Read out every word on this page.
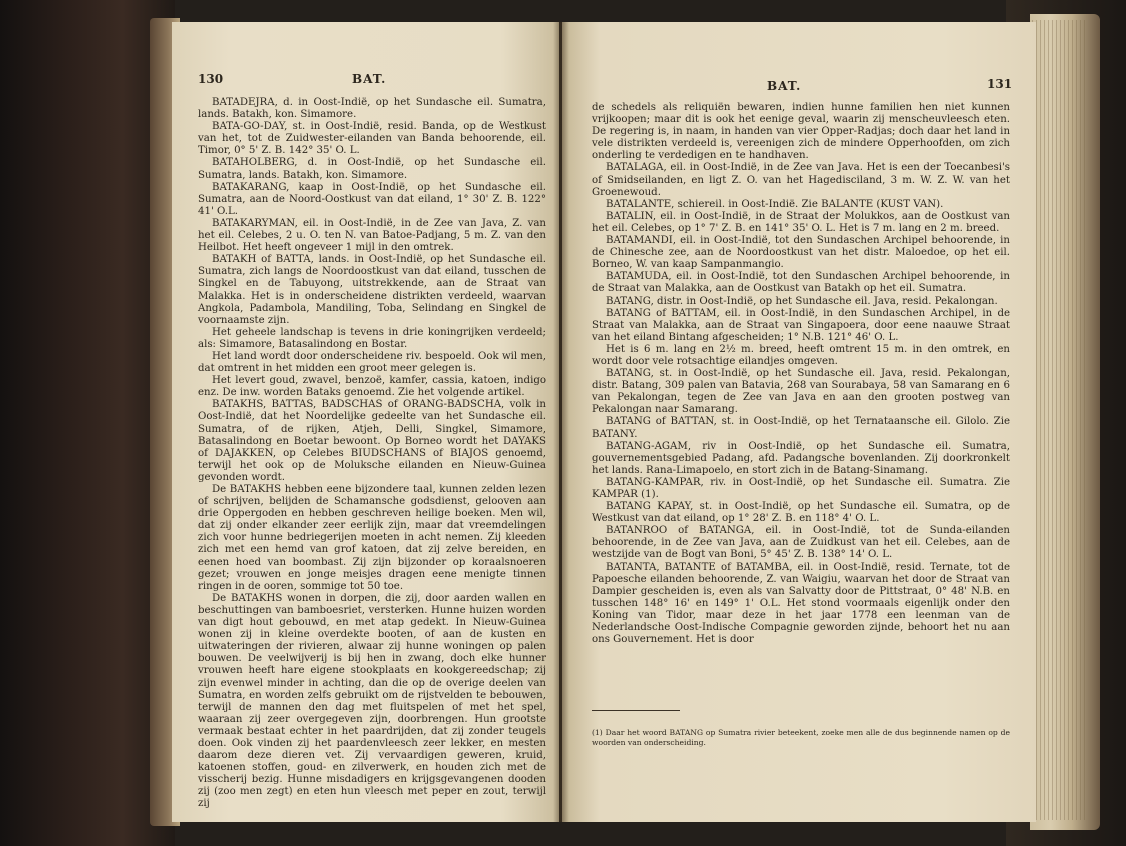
130	BAT.

BATADEJRA, d. in Oost-Indië, op het Sundasche eil. Sumatra, lands. Batakh, kon. Simamore.

BATA-GO-DAY, st. in Oost-Indië, resid. Banda, op de Westkust van het, tot de Zuidwester-eilanden van Banda behoorende, eil. Timor, 0° 5' Z. B. 142° 35' O. L.

BATAHOLBERG, d. in Oost-Indië, op het Sundasche eil. Sumatra, lands. Batakh, kon. Simamore.

BATAKARANG, kaap in Oost-Indië, op het Sundasche eil. Sumatra, aan de Noord-Oostkust van dat eiland, 1° 30' Z. B. 122° 41' O.L.

BATAKARYMAN, eil. in Oost-Indië, in de Zee van Java, Z. van het eil. Celebes, 2 u. O. ten N. van Batoe-Padjang, 5 m. Z. van den Heilbot. Het heeft ongeveer 1 mijl in den omtrek.

BATAKH of BATTA, lands. in Oost-Indië, op het Sundasche eil. Sumatra, zich langs de Noordoostkust van dat eiland, tusschen de Singkel en de Tabuyong, uitstrekkende, aan de Straat van Malakka. Het is in onderscheidene distrikten verdeeld, waarvan Angkola, Padambola, Mandiling, Toba, Selindang en Singkel de voornaamste zijn.

Het geheele landschap is tevens in drie koningrijken verdeeld; als: Simamore, Batasalindong en Bostar.

Het land wordt door onderscheidene riv. bespoeld. Ook wil men, dat omtrent in het midden een groot meer gelegen is.

Het levert goud, zwavel, benzoë, kamfer, cassia, katoen, indigo enz. De inw. worden Bataks genoemd. Zie het volgende artikel.

BATAKHS, BATTAS, BADSCHAS of ORANG-BADSCHA, volk in Oost-Indië, dat het Noordelijke gedeelte van het Sundasche eil. Sumatra, of de rijken, Atjeh, Delli, Singkel, Simamore, Batasalindong en Boetar bewoont. Op Borneo wordt het DAYAKS of DAJAKKEN, op Celebes BIUDSCHANS of BIAJOS genoemd, terwijl het ook op de Moluksche eilanden en Nieuw-Guinea gevonden wordt.

De BATAKHS hebben eene bijzondere taal, kunnen zelden lezen of schrijven, belijden de Schamansche godsdienst, gelooven aan drie Oppergoden en hebben geschreven heilige boeken. Men wil, dat zij onder elkander zeer eerlijk zijn, maar dat vreemdelingen zich voor hunne bedriegerijen moeten in acht nemen. Zij kleeden zich met een hemd van grof katoen, dat zij zelve bereiden, en eenen hoed van boombast. Zij zijn bijzonder op koraalsnoeren gezet; vrouwen en jonge meisjes dragen eene menigte tinnen ringen in de ooren, sommige tot 50 toe.

De BATAKHS wonen in dorpen, die zij, door aarden wallen en beschuttingen van bamboesriet, versterken. Hunne huizen worden van digt hout gebouwd, en met atap gedekt. In Nieuw-Guinea wonen zij in kleine overdekte booten, of aan de kusten en uitwateringen der rivieren, alwaar zij hunne woningen op palen bouwen. De veelwijverij is bij hen in zwang, doch elke hunner vrouwen heeft hare eigene stookplaats en kookgereedschap; zij zijn evenwel minder in achting, dan die op de overige deelen van Sumatra, en worden zelfs gebruikt om de rijstvelden te bebouwen, terwijl de mannen den dag met fluitspelen of met het spel, waaraan zij zeer overgegeven zijn, doorbrengen. Hun grootste vermaak bestaat echter in het paardrijden, dat zij zonder teugels doen. Ook vinden zij het paardenvleesch zeer lekker, en mesten daarom deze dieren vet. Zij vervaardigen geweren, kruid, katoenen stoffen, goud- en zilverwerk, en houden zich met de visscherij bezig. Hunne misdadigers en krijgsgevangenen dooden zij (zoo men zegt) en eten hun vleesch met peper en zout, terwijl zij

BAT.	131

de schedels als reliquiën bewaren, indien hunne familien hen niet kunnen vrijkoopen; maar dit is ook het eenige geval, waarin zij menscheuvleesch eten. De regering is, in naam, in handen van vier Opper-Radjas; doch daar het land in vele distrikten verdeeld is, vereenigen zich de mindere Opperhoofden, om zich onderling te verdedigen en te handhaven.

BATALAGA, eil. in Oost-Indië, in de Zee van Java. Het is een der Toecanbesi's of Smidseilanden, en ligt Z. O. van het Hagedisciland, 3 m. W. Z. W. van het Groenewoud.

BATALANTE, schiereil. in Oost-Indië. Zie BALANTE (KUST VAN).

BATALIN, eil. in Oost-Indië, in de Straat der Molukkos, aan de Oostkust van het eil. Celebes, op 1° 7' Z. B. en 141° 35' O. L. Het is 7 m. lang en 2 m. breed.

BATAMANDI, eil. in Oost-Indië, tot den Sundaschen Archipel behoorende, in de Chinesche zee, aan de Noordoostkust van het distr. Maloedoe, op het eil. Borneo, W. van kaap Sampanmangio.

BATAMUDA, eil. in Oost-Indië, tot den Sundaschen Archipel behoorende, in de Straat van Malakka, aan de Oostkust van Batakh op het eil. Sumatra.

BATANG, distr. in Oost-Indië, op het Sundasche eil. Java, resid. Pekalongan.

BATANG of BATTAM, eil. in Oost-Indië, in den Sundaschen Archipel, in de Straat van Malakka, aan de Straat van Singapoera, door eene naauwe Straat van het eiland Bintang afgescheiden; 1° N.B. 121° 46' O. L.

Het is 6 m. lang en 2½ m. breed, heeft omtrent 15 m. in den omtrek, en wordt door vele rotsachtige eilandjes omgeven.

BATANG, st. in Oost-Indië, op het Sundasche eil. Java, resid. Pekalongan, distr. Batang, 309 palen van Batavia, 268 van Sourabaya, 58 van Samarang en 6 van Pekalongan, tegen de Zee van Java en aan den grooten postweg van Pekalongan naar Samarang.

BATANG of BATTAN, st. in Oost-Indië, op het Ternataansche eil. Gilolo. Zie BATANY.

BATANG-AGAM, riv in Oost-Indië, op het Sundasche eil. Sumatra, gouvernementsgebied Padang, afd. Padangsche bovenlanden. Zij doorkronkelt het lands. Rana-Limapoelo, en stort zich in de Batang-Sinamang.

BATANG-KAMPAR, riv. in Oost-Indië, op het Sundasche eil. Sumatra. Zie KAMPAR (1).

BATANG KAPAY, st. in Oost-Indië, op het Sundasche eil. Sumatra, op de Westkust van dat eiland, op 1° 28' Z. B. en 118° 4' O. L.

BATANROO of BATANGA, eil. in Oost-Indië, tot de Sunda-eilanden behoorende, in de Zee van Java, aan de Zuidkust van het eil. Celebes, aan de westzijde van de Bogt van Boni, 5° 45' Z. B. 138° 14' O. L.

BATANTA, BATANTE of BATAMBA, eil. in Oost-Indië, resid. Ternate, tot de Papoesche eilanden behoorende, Z. van Waigiu, waarvan het door de Straat van Dampier gescheiden is, even als van Salvatty door de Pittstraat, 0° 48' N.B. en tusschen 148° 16' en 149° 1' O.L. Het stond voormaals eigenlijk onder den Koning van Tidor, maar deze in het jaar 1778 een leenman van de Nederlandsche Oost-Indische Compagnie geworden zijnde, behoort het nu aan ons Gouvernement. Het is door

(1) Daar het woord BATANG op Sumatra rivier beteekent, zoeke men alle de dus beginnende namen op de woorden van onderscheiding.
